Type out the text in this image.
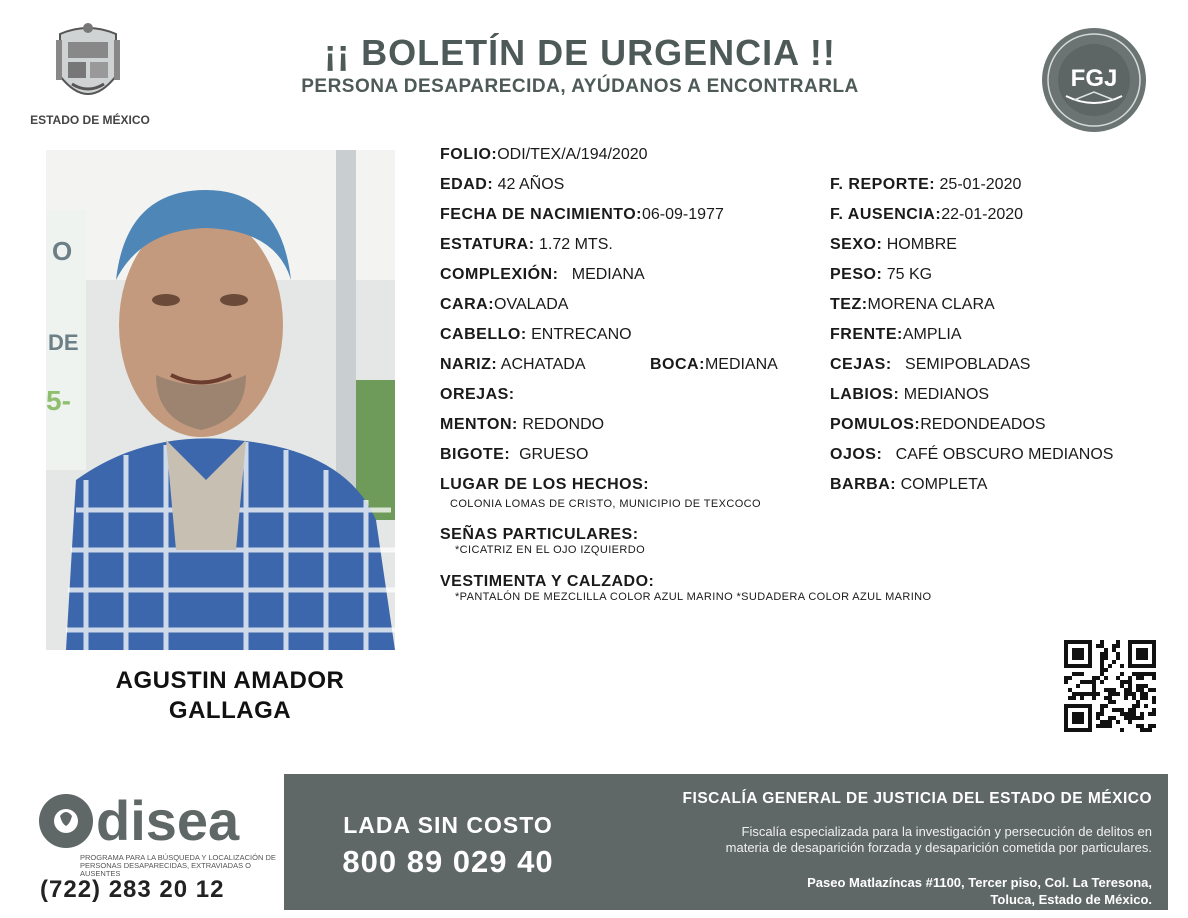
ESTADO DE MÉXICO
¡¡ BOLETÍN DE URGENCIA !!
PERSONA DESAPARECIDA, AYÚDANOS A ENCONTRARLA	FGJ
O
DE
5-
AGUSTIN AMADOR
GALLAGA
FOLIO:ODI/TEX/A/194/2020
EDAD: 42 AÑOS
FECHA DE NACIMIENTO:06-09-1977
ESTATURA: 1.72 MTS.
COMPLEXIÓN: MEDIANA
CARA:OVALADA
CABELLO: ENTRECANO
NARIZ: ACHATADA	BOCA:MEDIANA
OREJAS:
MENTON: REDONDO
BIGOTE: GRUESO
LUGAR DE LOS HECHOS:
COLONIA LOMAS DE CRISTO, MUNICIPIO DE TEXCOCO
SEÑAS PARTICULARES:
*CICATRIZ EN EL OJO IZQUIERDO
VESTIMENTA Y CALZADO:
*PANTALÓN DE MEZCLILLA COLOR AZUL MARINO *SUDADERA COLOR AZUL MARINO
F. REPORTE: 25-01-2020
F. AUSENCIA:22-01-2020
SEXO: HOMBRE
PESO: 75 KG
TEZ:MORENA CLARA
FRENTE:AMPLIA
CEJAS: SEMIPOBLADAS
LABIOS: MEDIANOS
POMULOS:REDONDEADOS
OJOS: CAFÉ OBSCURO MEDIANOS
BARBA: COMPLETA
disea
PROGRAMA PARA LA BÚSQUEDA Y LOCALIZACIÓN DE PERSONAS DESAPARECIDAS, EXTRAVIADAS O AUSENTES
(722) 283 20 12
LADA SIN COSTO
800 89 029 40
FISCALÍA GENERAL DE JUSTICIA DEL ESTADO DE MÉXICO
Fiscalía especializada para la investigación y persecución de delitos en
materia de desaparición forzada y desaparición cometida por particulares.
Paseo Matlazíncas #1100, Tercer piso, Col. La Teresona,
Toluca, Estado de México.
